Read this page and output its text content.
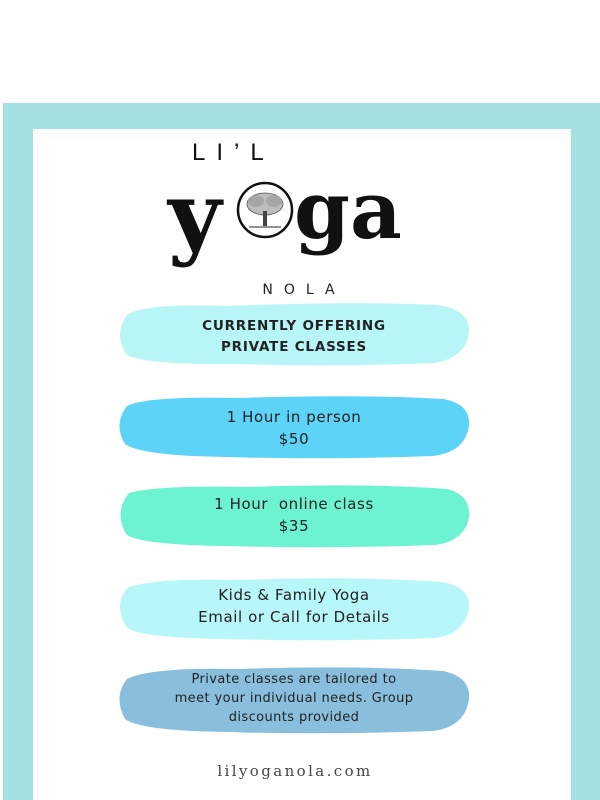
LI’L
y ga
NOLA
CURRENTLY OFFERING
PRIVATE CLASSES
1 Hour in person
$50
1 Hour  online class
$35
Kids & Family Yoga
Email or Call for Details
Private classes are tailored to
meet your individual needs. Group
discounts provided
lilyoganola.com
